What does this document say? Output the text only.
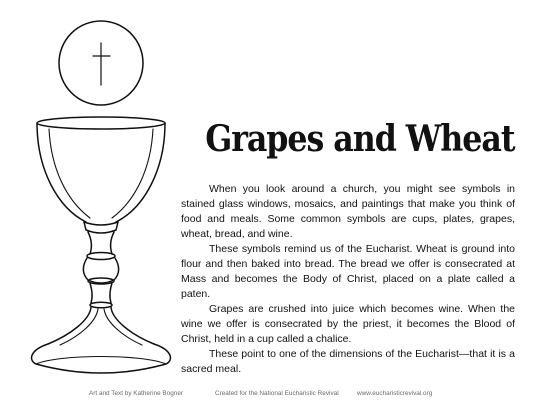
Grapes and Wheat

When you look around a church, you might see symbols in stained glass windows, mosaics, and paintings that make you think of food and meals. Some common symbols are cups, plates, grapes, wheat, bread, and wine.

These symbols remind us of the Eucharist. Wheat is ground into flour and then baked into bread. The bread we offer is consecrated at Mass and becomes the Body of Christ, placed on a plate called a paten.

Grapes are crushed into juice which becomes wine. When the wine we offer is consecrated by the priest, it becomes the Blood of Christ, held in a cup called a chalice.

These point to one of the dimensions of the Eucharist—that it is a sacred meal.

Art and Text by Katherine Bogner	Created for the National Eucharistic Revival	www.eucharisticrevival.org
